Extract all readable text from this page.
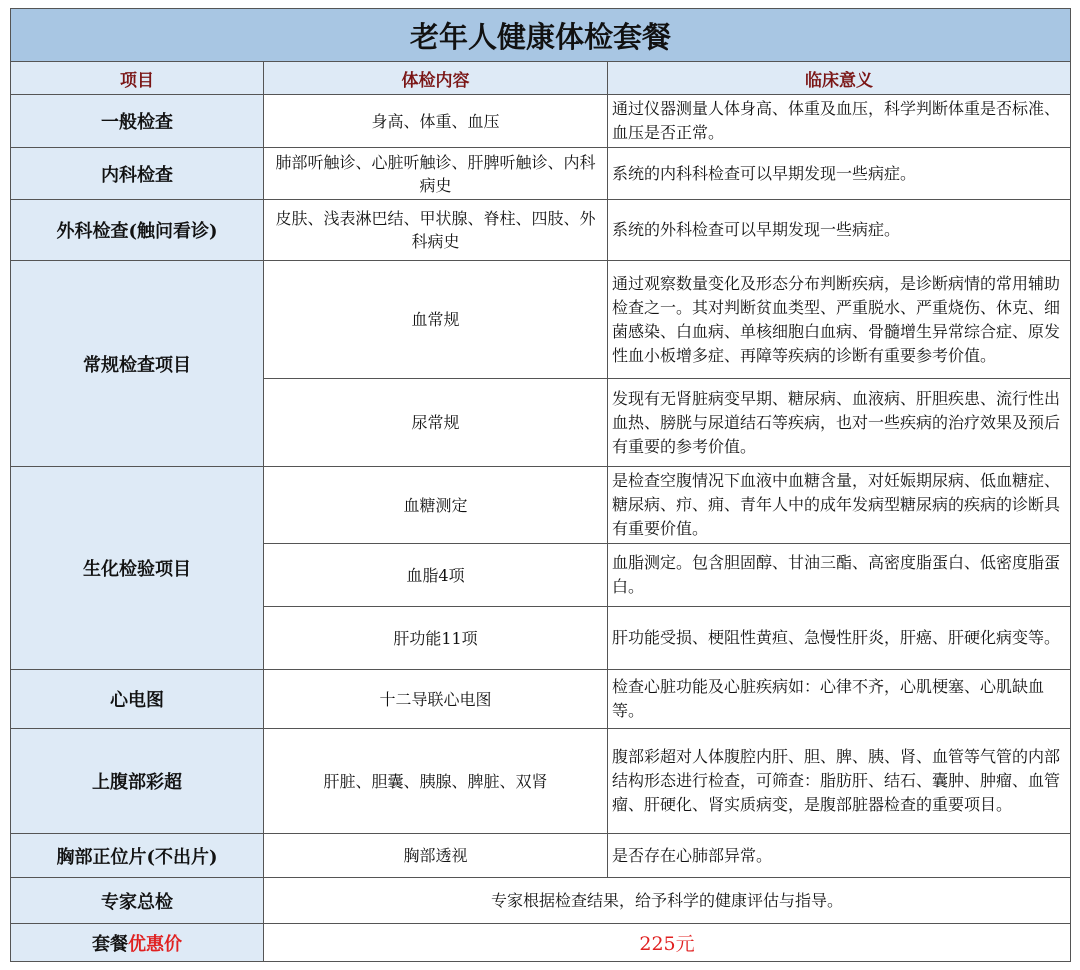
老年人健康体检套餐		
项目	体检内容	临床意义
一般检查	身高、体重、血压	通过仪器测量人体身高、体重及血压，科学判断体重是否标准、血压是否正常。
内科检查	肺部听触诊、心脏听触诊、肝脾听触诊、内科病史	系统的内科科检查可以早期发现一些病症。
外科检查(触问看诊)	皮肤、浅表淋巴结、甲状腺、脊柱、四肢、外科病史	系统的外科检查可以早期发现一些病症。
常规检查项目	血常规	通过观察数量变化及形态分布判断疾病，是诊断病情的常用辅助检查之一。其对判断贫血类型、严重脱水、严重烧伤、休克、细菌感染、白血病、单核细胞白血病、骨髓增生异常综合症、原发性血小板增多症、再障等疾病的诊断有重要参考价值。
	尿常规	发现有无肾脏病变早期、糖尿病、血液病、肝胆疾患、流行性出血热、膀胱与尿道结石等疾病，也对一些疾病的治疗效果及预后有重要的参考价值。
生化检验项目	血糖测定	是检查空腹情况下血液中血糖含量，对妊娠期尿病、低血糖症、糖尿病、疖、痈、青年人中的成年发病型糖尿病的疾病的诊断具有重要价值。
	血脂4项	血脂测定。包含胆固醇、甘油三酯、高密度脂蛋白、低密度脂蛋白。
	肝功能11项	肝功能受损、梗阻性黄疸、急慢性肝炎，肝癌、肝硬化病变等。
心电图	十二导联心电图	检查心脏功能及心脏疾病如：心律不齐，心肌梗塞、心肌缺血等。
上腹部彩超	肝脏、胆囊、胰腺、脾脏、双肾	腹部彩超对人体腹腔内肝、胆、脾、胰、肾、血管等气管的内部结构形态进行检查，可筛查：脂肪肝、结石、囊肿、肿瘤、血管瘤、肝硬化、肾实质病变，是腹部脏器检查的重要项目。
胸部正位片(不出片)	胸部透视	是否存在心肺部异常。
专家总检	专家根据检查结果，给予科学的健康评估与指导。	
套餐优惠价	225元	
